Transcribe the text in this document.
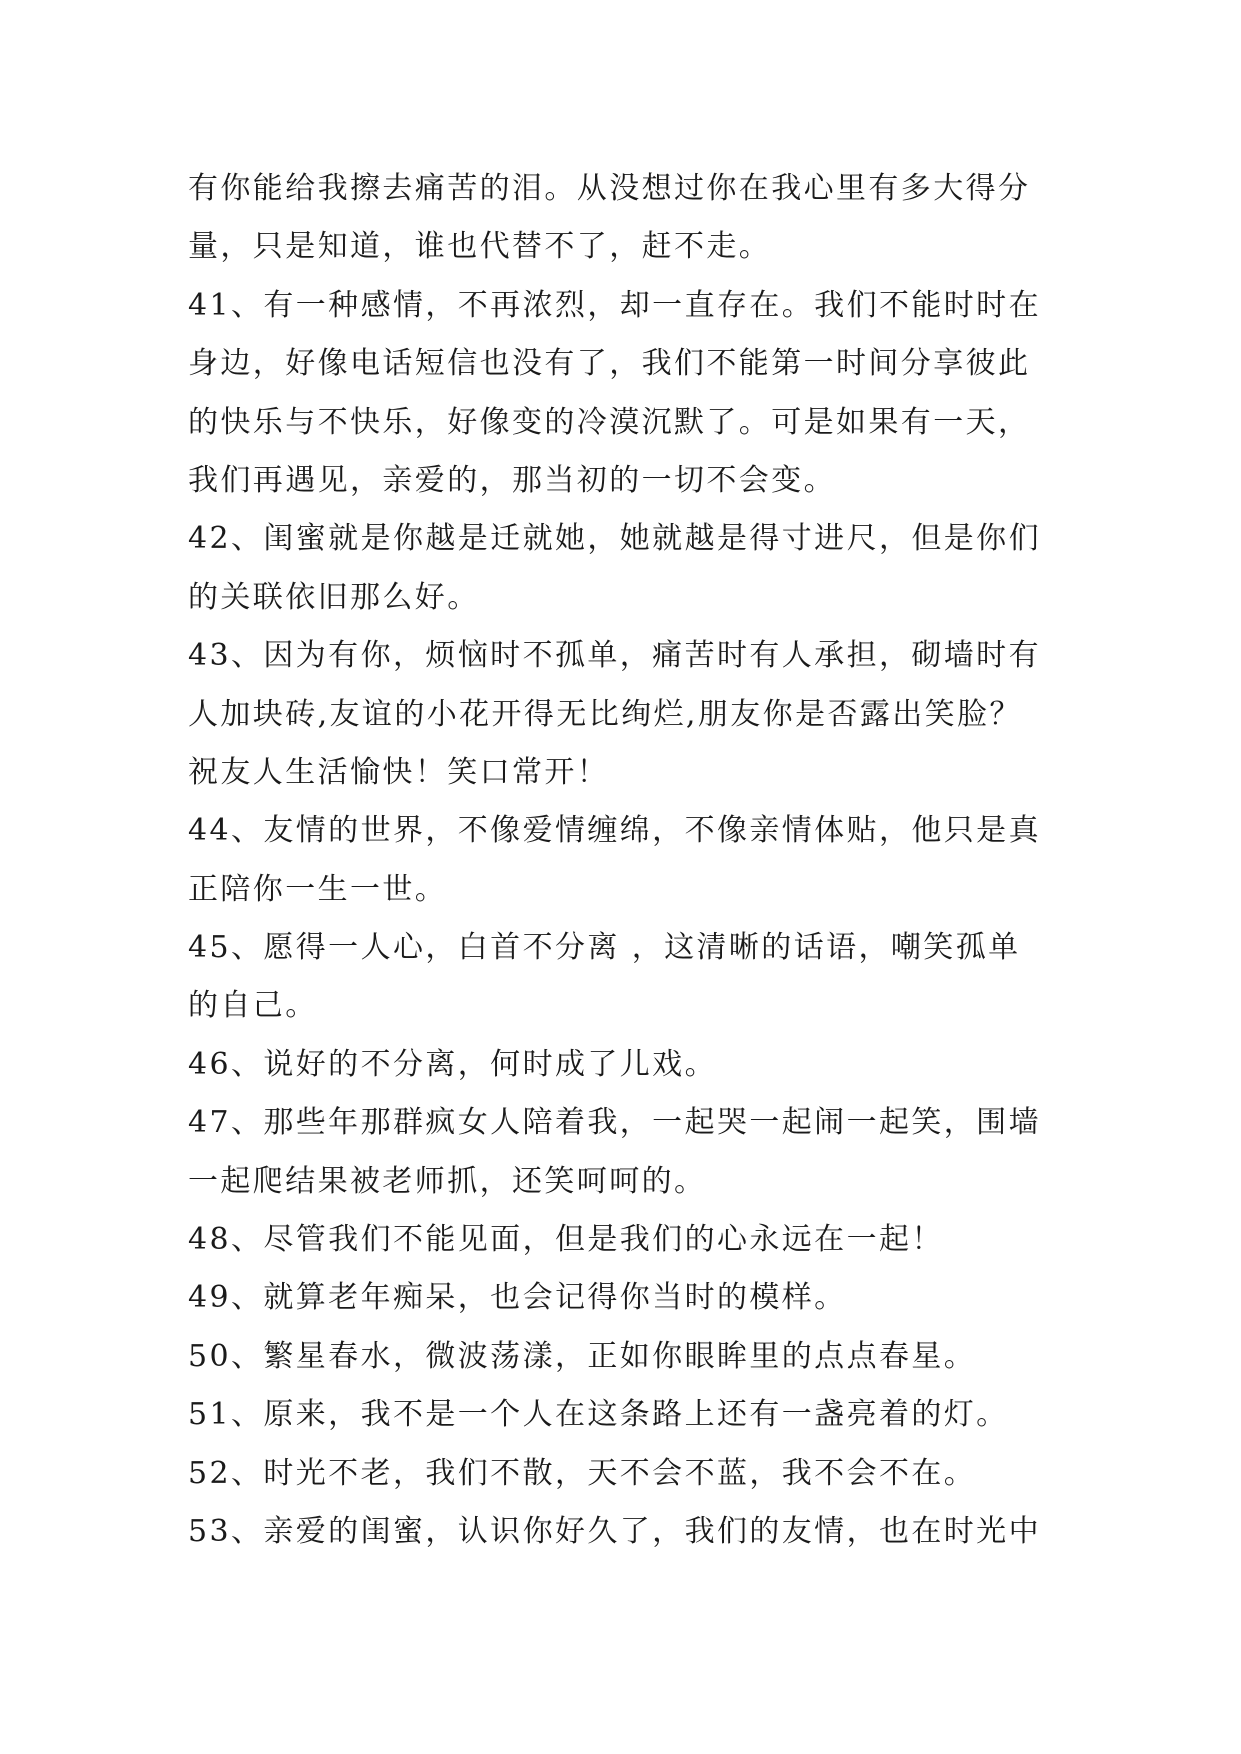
有你能给我擦去痛苦的泪。从没想过你在我心里有多大得分
量，只是知道，谁也代替不了，赶不走。
41、有一种感情，不再浓烈，却一直存在。我们不能时时在
身边，好像电话短信也没有了，我们不能第一时间分享彼此
的快乐与不快乐，好像变的冷漠沉默了。可是如果有一天，
我们再遇见，亲爱的，那当初的一切不会变。
42、闺蜜就是你越是迁就她，她就越是得寸进尺，但是你们
的关联依旧那么好。
43、因为有你，烦恼时不孤单，痛苦时有人承担，砌墙时有
人加块砖,友谊的小花开得无比绚烂,朋友你是否露出笑脸？
祝友人生活愉快！笑口常开！
44、友情的世界，不像爱情缠绵，不像亲情体贴，他只是真
正陪你一生一世。
45、愿得一人心，白首不分离 ，这清晰的话语，嘲笑孤单
的自己。
46、说好的不分离，何时成了儿戏。
47、那些年那群疯女人陪着我，一起哭一起闹一起笑，围墙
一起爬结果被老师抓，还笑呵呵的。
48、尽管我们不能见面，但是我们的心永远在一起！
49、就算老年痴呆，也会记得你当时的模样。
50、繁星春水，微波荡漾，正如你眼眸里的点点春星。
51、原来，我不是一个人在这条路上还有一盏亮着的灯。
52、时光不老，我们不散，天不会不蓝，我不会不在。
53、亲爱的闺蜜，认识你好久了，我们的友情，也在时光中
